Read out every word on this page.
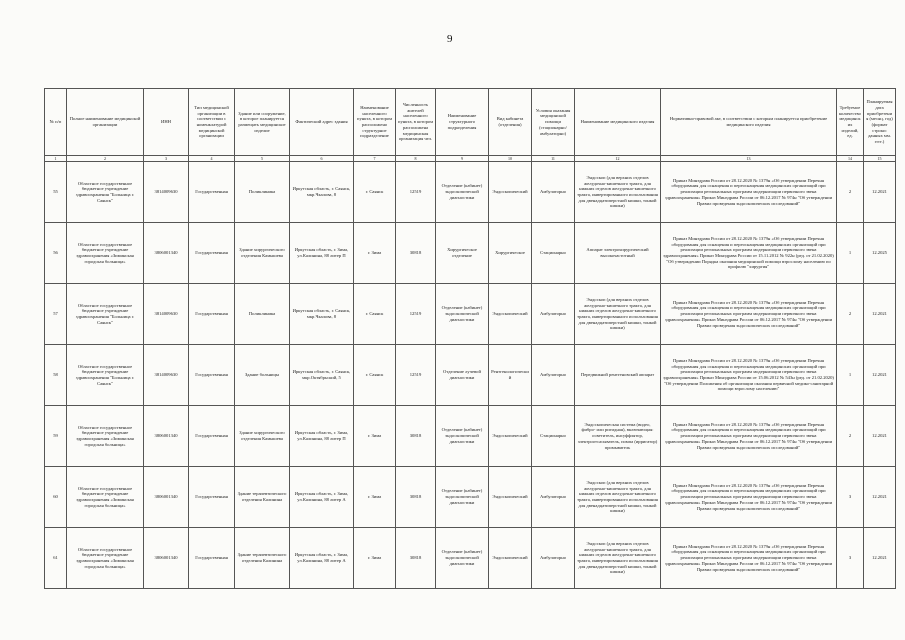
9
№ п/п	Полное наименование медицинской организации	ИНН	Тип медицинской организации в соответствии с номенклатурой медицинской организации	Здание или сооружение, в которое планируется размещать медицинское изделие	Фактический адрес здания	Наименование населенного пункта, в котором расположено структурное подразделение	Численность жителей населенного пункта, в котором расположена медицинская организация чел.	Наименование структурного подразделения	Вид кабинета (отделения)	Условия оказания медицинской помощи (стационарно/амбулаторно)	Наименование медицинского изделия	Нормативно-правовой акт, в соответствии с которым планируется приобретение медицинского изделия	Требуемое количество медицинских изделий, ед.	Планируемая дата приобретения (месяц, год) (формат строки: данных мм. гггг.)
1	2	3	4	5	6	7	8	9	10	11	12	13	14	15
55	Областное государственное бюджетное учреждение здравоохранения "Больница г. Саянск"	3814009630	Государственная	Поликлиника	Иркутская область, г. Саянск, мкр.Чкалова, 8	г. Саянск	12519	Отделение (кабинет) эндоскопической диагностики	Эндоскопический	Амбулаторно	Эндоскоп (для верхних отделов желудочно-кишечного тракта, для нижних отделов желудочно-кишечного тракта, инвертированного использования для двенадцатиперстной кишки, тонкой кишки)	Приказ Минздрава России от 28.12.2020 № 1379н «Об утверждении Перечня оборудования для оснащения и переоснащения медицинских организаций при реализации региональных программ модернизации первичного звена здравоохранения» Приказ Минздрава России от 06.12.2017 № 974н "Об утверждении Правил проведения эндоскопических исследований"	2	12.2021
56	Областное государственное бюджетное учреждение здравоохранения «Зиминская городская больница»	3806001340	Государственная	Здание хирургического отделения Камышева	Иркутская область, г. Зима, ул.Калинина, 88 литер П	г. Зима	30818	Хирургическое отделение	Хирургическое	Стационарно	Аппарат электрохирургический высокочастотный	Приказ Минздрава России от 28.12.2020 № 1379н «Об утверждении Перечня оборудования для оснащения и переоснащения медицинских организаций при реализации региональных программ модернизации первичного звена здравоохранения» Приказ Минздрава России от 15.11.2012 № 922н (ред. от 21.02.2020) "Об утверждении Порядка оказания медицинской помощи взрослому населению по профилю "хирургия"	1	12.2025
57	Областное государственное бюджетное учреждение здравоохранения "Больница г. Саянск"	3814009630	Государственная	Поликлиника	Иркутская область, г. Саянск, мкр.Чкалова, 8	г. Саянск	12519	Отделение (кабинет) эндоскопической диагностики	Эндоскопический	Амбулаторно	Эндоскоп (для верхних отделов желудочно-кишечного тракта, для нижних отделов желудочно-кишечного тракта, инвертированного использования для двенадцатиперстной кишки, тонкой кишки)	Приказ Минздрава России от 28.12.2020 № 1379н «Об утверждении Перечня оборудования для оснащения и переоснащения медицинских организаций при реализации региональных программ модернизации первичного звена здравоохранения» Приказ Минздрава России от 06.12.2017 № 974н "Об утверждении Правил проведения эндоскопических исследований"	2	12.2021
58	Областное государственное бюджетное учреждение здравоохранения "Больница г. Саянск"	3814009630	Государственная	Здание больницы	Иркутская область, г. Саянск, мкр.Октябрьский, 5	г. Саянск	12519	Отделение лучевой диагностики	Рентгенологический	Амбулаторно	Передвижной рентгеновский аппарат	Приказ Минздрава России от 28.12.2020 № 1379н «Об утверждении Перечня оборудования для оснащения и переоснащения медицинских организаций при реализации региональных программ модернизации первичного звена здравоохранения» Приказ Минздрава России от 15.06.2012 № 543н (ред. от 21.02.2020) "Об утверждении Положения об организации оказания первичной медико-санитарной помощи взрослому населению"	1	12.2021
59	Областное государственное бюджетное учреждение здравоохранения «Зиминская городская больница»	3806001340	Государственная	Здание хирургического отделения Камышева	Иркутская область, г. Зима, ул.Калинина, 88 литер П	г. Зима	30818	Отделение (кабинет) эндоскопической диагностики	Эндоскопический	Стационарно	Эндоскопическая система (видео, фибро- или ригидная), включающая: осветитель, инсуффлятор, электроотсасыватель, помпа (ирригатор) промыватель	Приказ Минздрава России от 28.12.2020 № 1379н «Об утверждении Перечня оборудования для оснащения и переоснащения медицинских организаций при реализации региональных программ модернизации первичного звена здравоохранения» Приказ Минздрава России от 06.12.2017 № 974н "Об утверждении Правил проведения эндоскопических исследований"	2	12.2021
60	Областное государственное бюджетное учреждение здравоохранения «Зиминская городская больница»	3806001340	Государственная	Здание терапевтического отделения Калинина	Иркутская область, г. Зима, ул.Калинина, 88 литер А	г. Зима	30818	Отделение (кабинет) эндоскопической диагностики	Эндоскопический	Амбулаторно	Эндоскоп (для верхних отделов желудочно-кишечного тракта, для нижних отделов желудочно-кишечного тракта, инвертированного использования для двенадцатиперстной кишки, тонкой кишки)	Приказ Минздрава России от 28.12.2020 № 1379н «Об утверждении Перечня оборудования для оснащения и переоснащения медицинских организаций при реализации региональных программ модернизации первичного звена здравоохранения» Приказ Минздрава России от 06.12.2017 № 974н "Об утверждении Правил проведения эндоскопических исследований"	3	12.2021
61	Областное государственное бюджетное учреждение здравоохранения «Зиминская городская больница»	3806001340	Государственная	Здание терапевтического отделения Калинина	Иркутская область, г. Зима, ул.Калинина, 88 литер А	г. Зима	30818	Отделение (кабинет) эндоскопической диагностики	Эндоскопический	Амбулаторно	Эндоскоп (для верхних отделов желудочно-кишечного тракта, для нижних отделов желудочно-кишечного тракта, инвертированного использования для двенадцатиперстной кишки, тонкой кишки)	Приказ Минздрава России от 28.12.2020 № 1379н «Об утверждении Перечня оборудования для оснащения и переоснащения медицинских организаций при реализации региональных программ модернизации первичного звена здравоохранения» Приказ Минздрава России от 06.12.2017 № 974н "Об утверждении Правил проведения эндоскопических исследований"	3	12.2021
